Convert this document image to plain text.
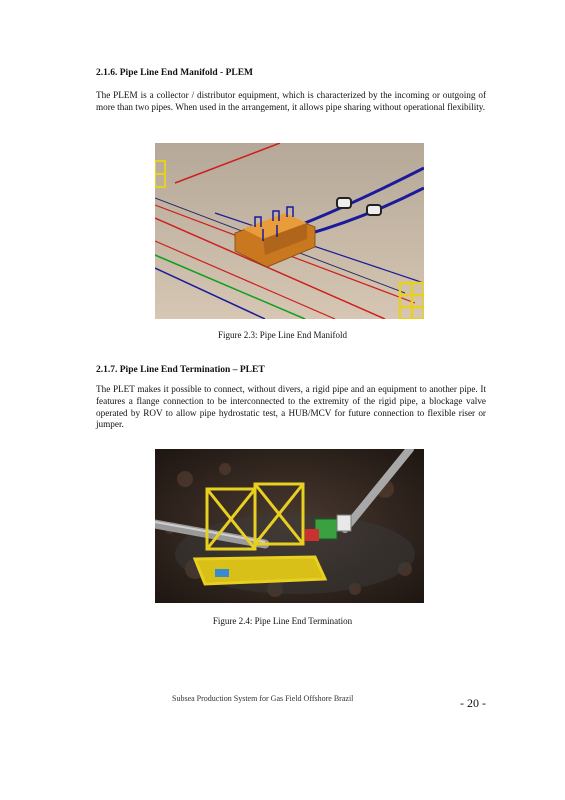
2.1.6. Pipe Line End Manifold - PLEM

The PLEM is a collector / distributor equipment, which is characterized by the incoming or outgoing of more than two pipes. When used in the arrangement, it allows pipe sharing without operational flexibility.

Figure 2.3: Pipe Line End Manifold
2.1.7. Pipe Line End Termination – PLET

The PLET makes it possible to connect, without divers, a rigid pipe and an equipment to another pipe. It features a flange connection to be interconnected to the extremity of the rigid pipe, a blockage valve operated by ROV to allow pipe hydrostatic test, a HUB/MCV for future connection to flexible riser or jumper.

Figure 2.4: Pipe Line End Termination
Subsea Production System for Gas Field Offshore Brazil	- 20 -
